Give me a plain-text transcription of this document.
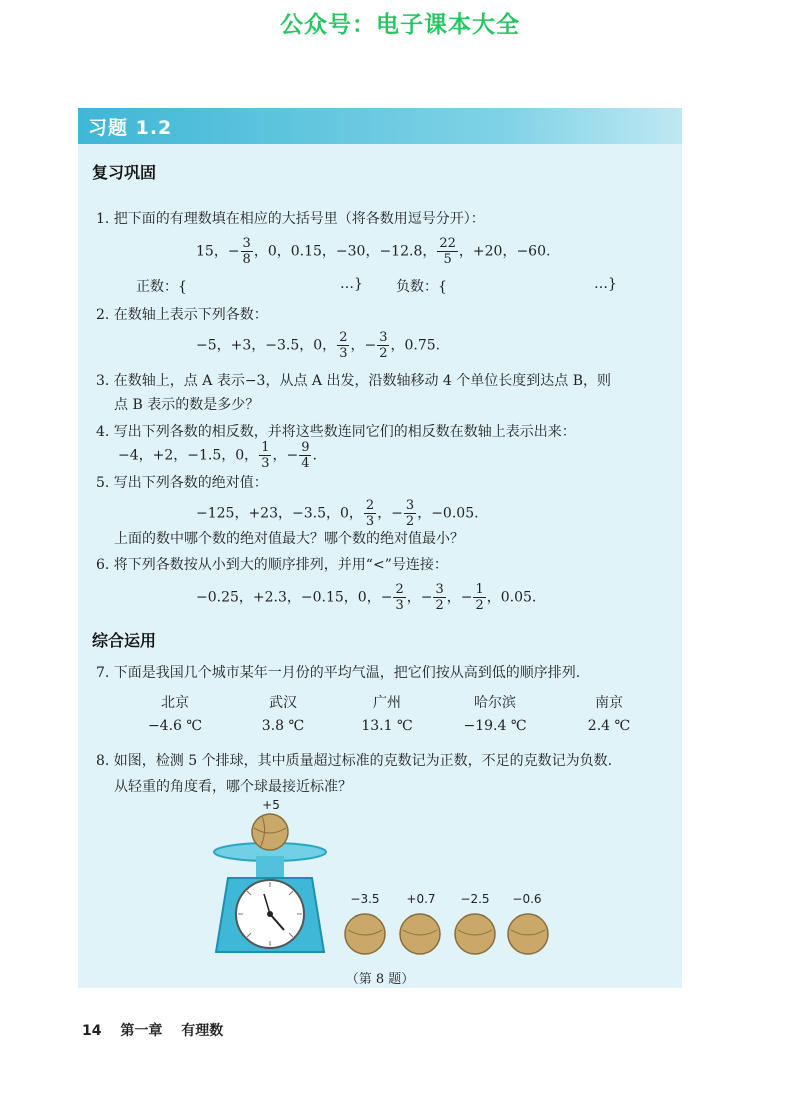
公众号：电子课本大全
习题 1.2
复习巩固
1. 把下面的有理数填在相应的大括号里（将各数用逗号分开）：
15，− $\frac{3}{8}$ ，0，0.15，−30，−12.8， $\frac{22}{5}$ ，+20，−60.
正数：{	…} 负数：{	…}
2. 在数轴上表示下列各数：
−5，+3，−3.5，0， $\frac{2}{3}$ ，− $\frac{3}{2}$ ，0.75.
3. 在数轴上，点 A 表示−3，从点 A 出发，沿数轴移动 4 个单位长度到达点 B，则
点 B 表示的数是多少？
4. 写出下列各数的相反数，并将这些数连同它们的相反数在数轴上表示出来：
−4，+2，−1.5，0， $\frac{1}{3}$ ，− $\frac{9}{4}$ .
5. 写出下列各数的绝对值：
−125，+23，−3.5，0， $\frac{2}{3}$ ，− $\frac{3}{2}$ ，−0.05.
上面的数中哪个数的绝对值最大？哪个数的绝对值最小？
6. 将下列各数按从小到大的顺序排列，并用“<”号连接：
−0.25，+2.3，−0.15，0，− $\frac{2}{3}$ ，− $\frac{3}{2}$ ，− $\frac{1}{2}$ ，0.05.
综合运用
7. 下面是我国几个城市某年一月份的平均气温，把它们按从高到低的顺序排列.
北京	武汉	广州	哈尔滨	南京
−4.6 ℃	3.8 ℃	13.1 ℃	−19.4 ℃	2.4 ℃
8. 如图，检测 5 个排球，其中质量超过标准的克数记为正数，不足的克数记为负数.
从轻重的角度看，哪个球最接近标准？
+5
−3.5	+0.7	−2.5	−0.6
（第 8 题）
14 第一章 有理数
